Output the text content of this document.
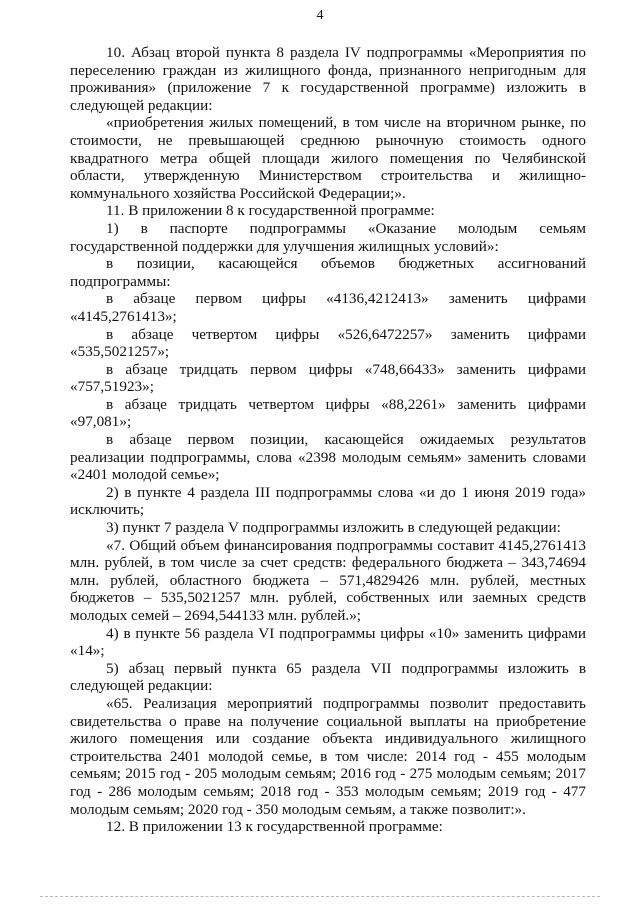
4

10. Абзац второй пункта 8 раздела IV подпрограммы «Мероприятия по переселению граждан из жилищного фонда, признанного непригодным для проживания» (приложение 7 к государственной программе) изложить в следующей редакции:

«приобретения жилых помещений, в том числе на вторичном рынке, по стоимости, не превышающей среднюю рыночную стоимость одного квадратного метра общей площади жилого помещения по Челябинской области, утвержденную Министерством строительства и жилищно-коммунального хозяйства Российской Федерации;».

11. В приложении 8 к государственной программе:

1) в паспорте подпрограммы «Оказание молодым семьям государственной поддержки для улучшения жилищных условий»:

в позиции, касающейся объемов бюджетных ассигнований подпрограммы:

в абзаце первом цифры «4136,4212413» заменить цифрами «4145,2761413»;

в абзаце четвертом цифры «526,6472257» заменить цифрами «535,5021257»;

в абзаце тридцать первом цифры «748,66433» заменить цифрами «757,51923»;

в абзаце тридцать четвертом цифры «88,2261» заменить цифрами «97,081»;

в абзаце первом позиции, касающейся ожидаемых результатов реализации подпрограммы, слова «2398 молодым семьям» заменить словами «2401 молодой семье»;

2) в пункте 4 раздела III подпрограммы слова «и до 1 июня 2019 года» исключить;

3) пункт 7 раздела V подпрограммы изложить в следующей редакции:

«7. Общий объем финансирования подпрограммы составит 4145,2761413 млн. рублей, в том числе за счет средств: федерального бюджета – 343,74694 млн. рублей, областного бюджета – 571,4829426 млн. рублей, местных бюджетов – 535,5021257 млн. рублей, собственных или заемных средств молодых семей – 2694,544133 млн. рублей.»;

4) в пункте 56 раздела VI подпрограммы цифры «10» заменить цифрами «14»;

5) абзац первый пункта 65 раздела VII подпрограммы изложить в следующей редакции:

«65. Реализация мероприятий подпрограммы позволит предоставить свидетельства о праве на получение социальной выплаты на приобретение жилого помещения или создание объекта индивидуального жилищного строительства 2401 молодой семье, в том числе: 2014 год - 455 молодым семьям; 2015 год - 205 молодым семьям; 2016 год - 275 молодым семьям; 2017 год - 286 молодым семьям; 2018 год - 353 молодым семьям; 2019 год - 477 молодым семьям; 2020 год - 350 молодым семьям, а также позволит:».

12. В приложении 13 к государственной программе:
